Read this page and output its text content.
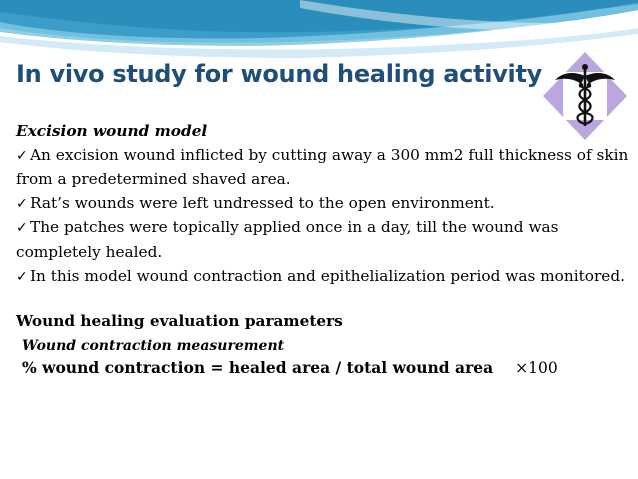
In vivo study for wound healing activity
Excision wound model
✓ An excision wound inflicted by cutting away a 300 mm2 full thickness of skin from a predetermined shaved area.
✓ Rat’s wounds were left undressed to the open environment.
✓ The patches were topically applied once in a day, till the wound was completely healed.
✓ In this model wound contraction and epithelialization period was monitored.
Wound healing evaluation parameters
Wound contraction measurement
% wound contraction = healed area / total wound area ×100
